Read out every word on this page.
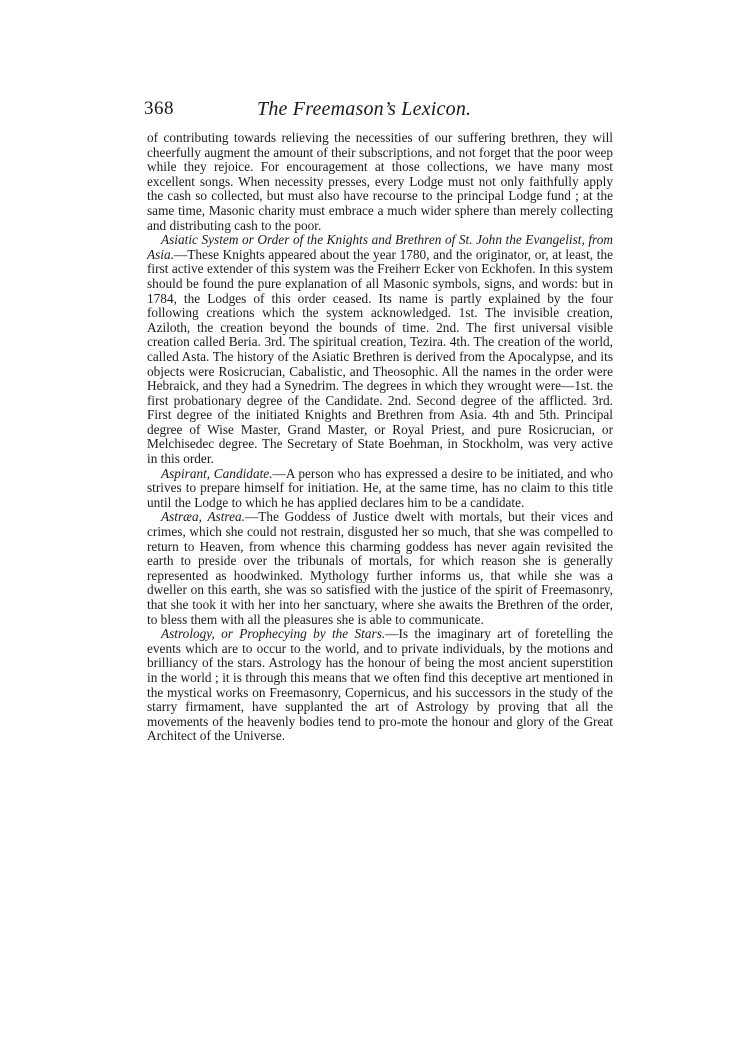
368	The Freemason’s Lexicon.

of contributing towards relieving the necessities of our suffering brethren, they will cheerfully augment the amount of their subscriptions, and not forget that the poor weep while they rejoice. For encouragement at those collections, we have many most excellent songs. When necessity presses, every Lodge must not only faithfully apply the cash so collected, but must also have recourse to the principal Lodge fund ; at the same time, Masonic charity must embrace a much wider sphere than merely collecting and distributing cash to the poor.

Asiatic System or Order of the Knights and Brethren of St. John the Evangelist, from Asia.—These Knights appeared about the year 1780, and the originator, or, at least, the first active extender of this system was the Freiherr Ecker von Eckhofen. In this system should be found the pure explanation of all Masonic symbols, signs, and words: but in 1784, the Lodges of this order ceased. Its name is partly explained by the four following creations which the system acknowledged. 1st. The invisible creation, Aziloth, the creation beyond the bounds of time. 2nd. The first universal visible creation called Beria. 3rd. The spiritual creation, Tezira. 4th. The creation of the world, called Asta. The history of the Asiatic Brethren is derived from the Apocalypse, and its objects were Rosicrucian, Cabalistic, and Theosophic. All the names in the order were Hebraick, and they had a Synedrim. The degrees in which they wrought were—1st. the first probationary degree of the Candidate. 2nd. Second degree of the afflicted. 3rd. First degree of the initiated Knights and Brethren from Asia. 4th and 5th. Principal degree of Wise Master, Grand Master, or Royal Priest, and pure Rosicrucian, or Melchisedec degree. The Secretary of State Boehman, in Stockholm, was very active in this order.

Aspirant, Candidate.—A person who has expressed a desire to be initiated, and who strives to prepare himself for initiation. He, at the same time, has no claim to this title until the Lodge to which he has applied declares him to be a candidate.

Astræa, Astrea.—The Goddess of Justice dwelt with mortals, but their vices and crimes, which she could not restrain, disgusted her so much, that she was compelled to return to Heaven, from whence this charming goddess has never again revisited the earth to preside over the tribunals of mortals, for which reason she is generally represented as hoodwinked. Mythology further informs us, that while she was a dweller on this earth, she was so satisfied with the justice of the spirit of Freemasonry, that she took it with her into her sanctuary, where she awaits the Brethren of the order, to bless them with all the pleasures she is able to communicate.

Astrology, or Prophecying by the Stars.—Is the imaginary art of foretelling the events which are to occur to the world, and to private individuals, by the motions and brilliancy of the stars. Astrology has the honour of being the most ancient superstition in the world ; it is through this means that we often find this deceptive art mentioned in the mystical works on Freemasonry, Copernicus, and his successors in the study of the starry firmament, have supplanted the art of Astrology by proving that all the movements of the heavenly bodies tend to pro-mote the honour and glory of the Great Architect of the Universe.
